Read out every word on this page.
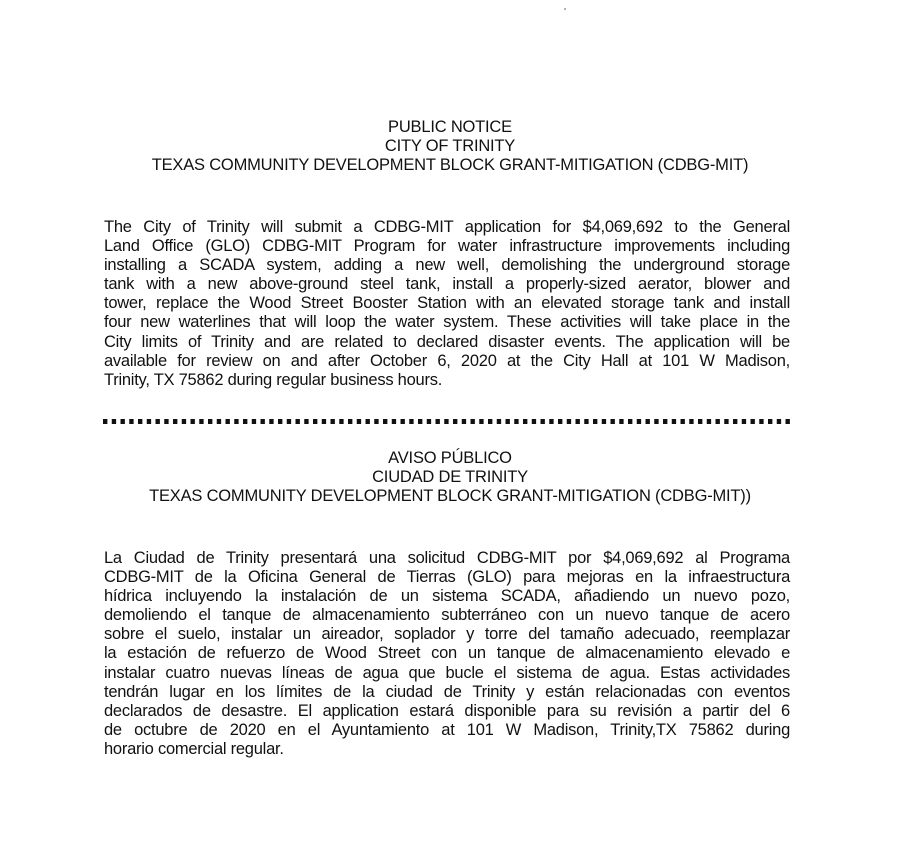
PUBLIC NOTICE
CITY OF TRINITY
TEXAS COMMUNITY DEVELOPMENT BLOCK GRANT-MITIGATION (CDBG-MIT)
The City of Trinity will submit a CDBG-MIT application for $4,069,692 to the General
Land Office (GLO) CDBG-MIT Program for water infrastructure improvements including
installing a SCADA system, adding a new well, demolishing the underground storage
tank with a new above-ground steel tank, install a properly-sized aerator, blower and
tower, replace the Wood Street Booster Station with an elevated storage tank and install
four new waterlines that will loop the water system. These activities will take place in the
City limits of Trinity and are related to declared disaster events. The application will be
available for review on and after October 6, 2020 at the City Hall at 101 W Madison,
Trinity, TX 75862 during regular business hours.
AVISO PÚBLICO
CIUDAD DE TRINITY
TEXAS COMMUNITY DEVELOPMENT BLOCK GRANT-MITIGATION (CDBG-MIT))
La Ciudad de Trinity presentará una solicitud CDBG-MIT por $4,069,692 al Programa
CDBG-MIT de la Oficina General de Tierras (GLO) para mejoras en la infraestructura
hídrica incluyendo la instalación de un sistema SCADA, añadiendo un nuevo pozo,
demoliendo el tanque de almacenamiento subterráneo con un nuevo tanque de acero
sobre el suelo, instalar un aireador, soplador y torre del tamaño adecuado, reemplazar
la estación de refuerzo de Wood Street con un tanque de almacenamiento elevado e
instalar cuatro nuevas líneas de agua que bucle el sistema de agua. Estas actividades
tendrán lugar en los límites de la ciudad de Trinity y están relacionadas con eventos
declarados de desastre. El application estará disponible para su revisión a partir del 6
de octubre de 2020 en el Ayuntamiento at 101 W Madison, Trinity,TX 75862 during
horario comercial regular.
